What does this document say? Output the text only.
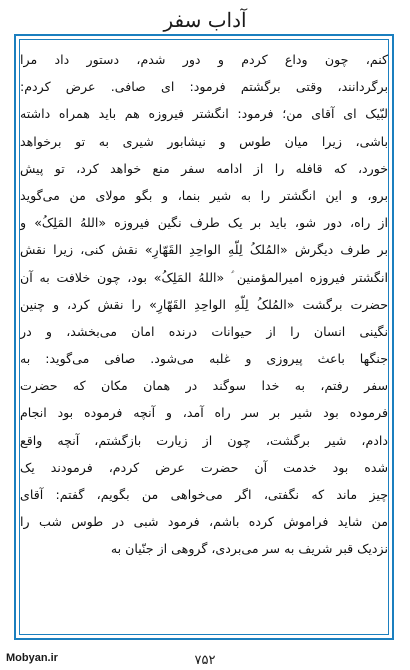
آداب سفر
کنم، چون وداع کردم و دور شدم، دستور داد مرا
برگردانند، وقتی برگشتم فرمود: ای صافی. عرض کردم:
لبّیک ای آقای من؛ فرمود: انگشتر فیروزه هم باید همراه داشته
باشی، زیرا میان طوس و نیشابور شیری به تو برخواهد
خورد، که قافله را از ادامه سفر منع خواهد کرد، تو پیش
برو، و این انگشتر را به شیر بنما، و بگو مولای من می‌گوید
از راه، دور شو، باید بر یک طرف نگین فیروزه «اللهُ المَلِکُ» و
بر طرف دیگرش «المُلکُ لِلّهِ الواحِدِ القَهّارِ» نقش کنی، زیرا نقش
انگشتر فیروزه امیرالمؤمنین ؑ «اللهُ المَلِکُ» بود، چون خلافت به آن
حضرت برگشت «المُلکُ لِلّهِ الواحِدِ القَهّارِ» را نقش کرد، و چنین
نگینی انسان را از حیوانات درنده امان می‌بخشد، و در
جنگها باعث پیروزی و غلبه می‌شود. صافی می‌گوید: به
سفر رفتم، به خدا سوگند در همان مکان که حضرت
فرموده بود شیر بر سر راه آمد، و آنچه فرموده بود انجام
دادم، شیر برگشت، چون از زیارت بازگشتم، آنچه واقع
شده بود خدمت آن حضرت عرض کردم، فرمودند یک
چیز ماند که نگفتی، اگر می‌خواهی من بگویم، گفتم: آقای
من شاید فراموش کرده باشم، فرمود شبی در طوس شب را
نزدیک قبر شریف به سر می‌بردی، گروهی از جنّیان به
۷۵۲
Mobyan.ir
